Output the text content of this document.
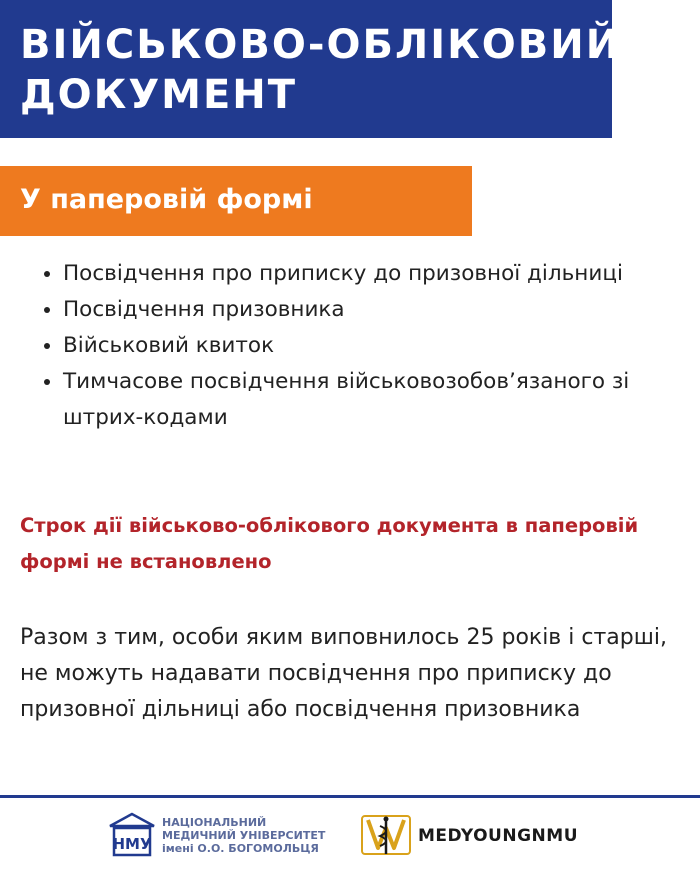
ВІЙСЬКОВО-ОБЛІКОВИЙ
ДОКУМЕНТ
У паперовій формі
Посвідчення про приписку до призовної дільниці
Посвідчення призовника
Військовий квиток
Тимчасове посвідчення військовозобов’язаного зі штрих-кодами

Строк дії військово-облікового документа в паперовій формі не встановлено

Разом з тим, особи яким виповнилось 25 років і старші, не можуть надавати посвідчення про приписку до призовної дільниці або посвідчення призовника

НМУ
НАЦІОНАЛЬНИЙ
МЕДИЧНИЙ УНІВЕРСИТЕТ
імені О.О. БОГОМОЛЬЦЯ
MEDYOUNGNMU
